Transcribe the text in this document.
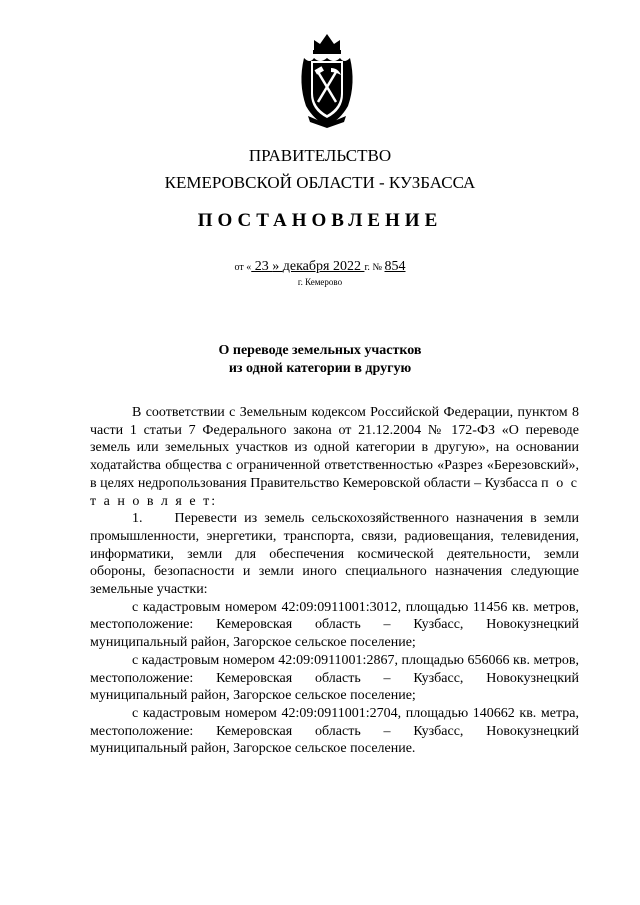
ПРАВИТЕЛЬСТВО
КЕМЕРОВСКОЙ ОБЛАСТИ - КУЗБАССА
ПОСТАНОВЛЕНИЕ
от « 23 » декабря 2022 г. № 854
г. Кемерово
О переводе земельных участков
из одной категории в другую

В соответствии с Земельным кодексом Российской Федерации, пунктом 8 части 1 статьи 7 Федерального закона от 21.12.2004 № 172-ФЗ «О переводе земель или земельных участков из одной категории в другую», на основании ходатайства общества с ограниченной ответственностью «Разрез «Березовский», в целях недропользования Правительство Кемеровской области – Кузбасса п о с т а н о в л я е т:

1. Перевести из земель сельскохозяйственного назначения в земли промышленности, энергетики, транспорта, связи, радиовещания, телевидения, информатики, земли для обеспечения космической деятельности, земли обороны, безопасности и земли иного специального назначения следующие земельные участки:

с кадастровым номером 42:09:0911001:3012, площадью 11456 кв. метров, местоположение: Кемеровская область – Кузбасс, Новокузнецкий муниципальный район, Загорское сельское поселение;

с кадастровым номером 42:09:0911001:2867, площадью 656066 кв. метров, местоположение: Кемеровская область – Кузбасс, Новокузнецкий муниципальный район, Загорское сельское поселение;

с кадастровым номером 42:09:0911001:2704, площадью 140662 кв. метра, местоположение: Кемеровская область – Кузбасс, Новокузнецкий муниципальный район, Загорское сельское поселение.
